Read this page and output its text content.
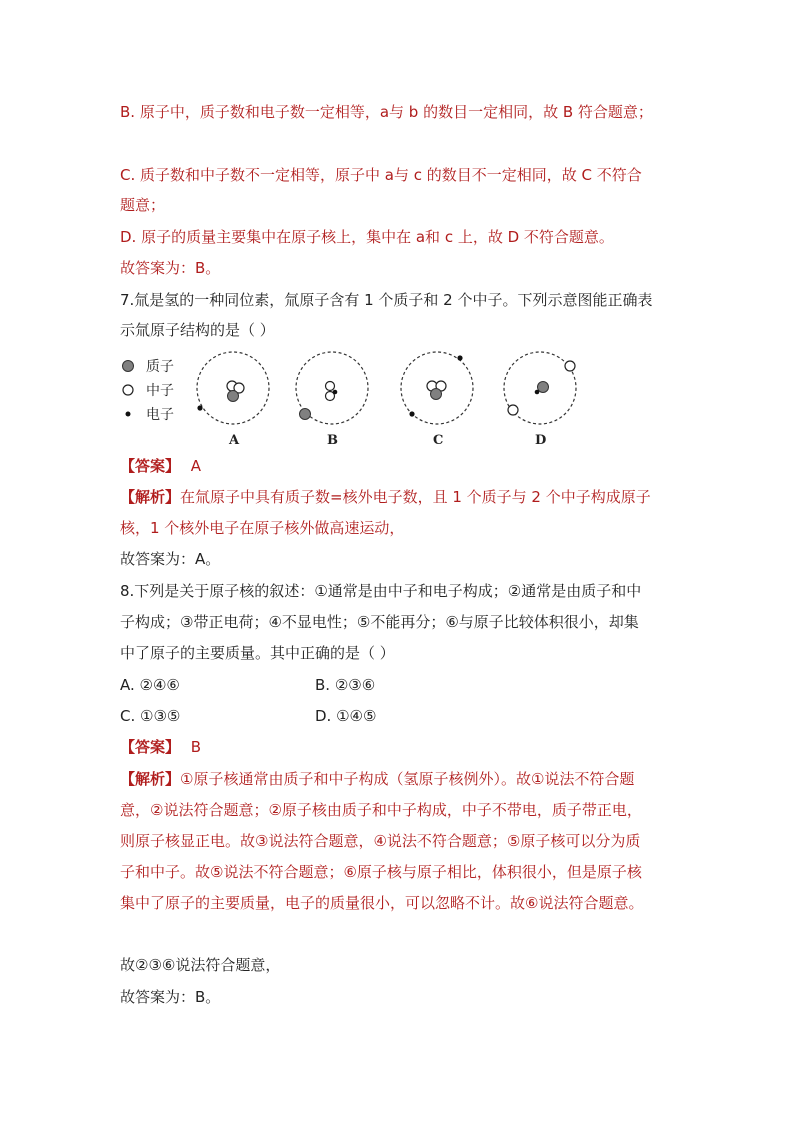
B. 原子中，质子数和电子数一定相等，a与 b 的数目一定相同，故 B 符合题意；
C. 质子数和中子数不一定相等，原子中 a与 c 的数目不一定相同，故 C 不符合
题意；
D. 原子的质量主要集中在原子核上，集中在 a和 c 上，故 D 不符合题意。
故答案为：B。
7.氚是氢的一种同位素，氚原子含有 1 个质子和 2 个中子。下列示意图能正确表
示氚原子结构的是（ ）
质子
中子
电子
A	B	C	D
【答案】 A
【解析】在氚原子中具有质子数=核外电子数，且 1 个质子与 2 个中子构成原子
核，1 个核外电子在原子核外做高速运动，
故答案为：A。
8.下列是关于原子核的叙述：①通常是由中子和电子构成；②通常是由质子和中
子构成；③带正电荷；④不显电性；⑤不能再分；⑥与原子比较体积很小，却集
中了原子的主要质量。其中正确的是（ ）
A. ②④⑥	B. ②③⑥
C. ①③⑤	D. ①④⑤
【答案】 B
【解析】①原子核通常由质子和中子构成（氢原子核例外）。故①说法不符合题
意，②说法符合题意；②原子核由质子和中子构成，中子不带电，质子带正电，
则原子核显正电。故③说法符合题意，④说法不符合题意；⑤原子核可以分为质
子和中子。故⑤说法不符合题意；⑥原子核与原子相比，体积很小，但是原子核
集中了原子的主要质量，电子的质量很小，可以忽略不计。故⑥说法符合题意。
故②③⑥说法符合题意，
故答案为：B。
